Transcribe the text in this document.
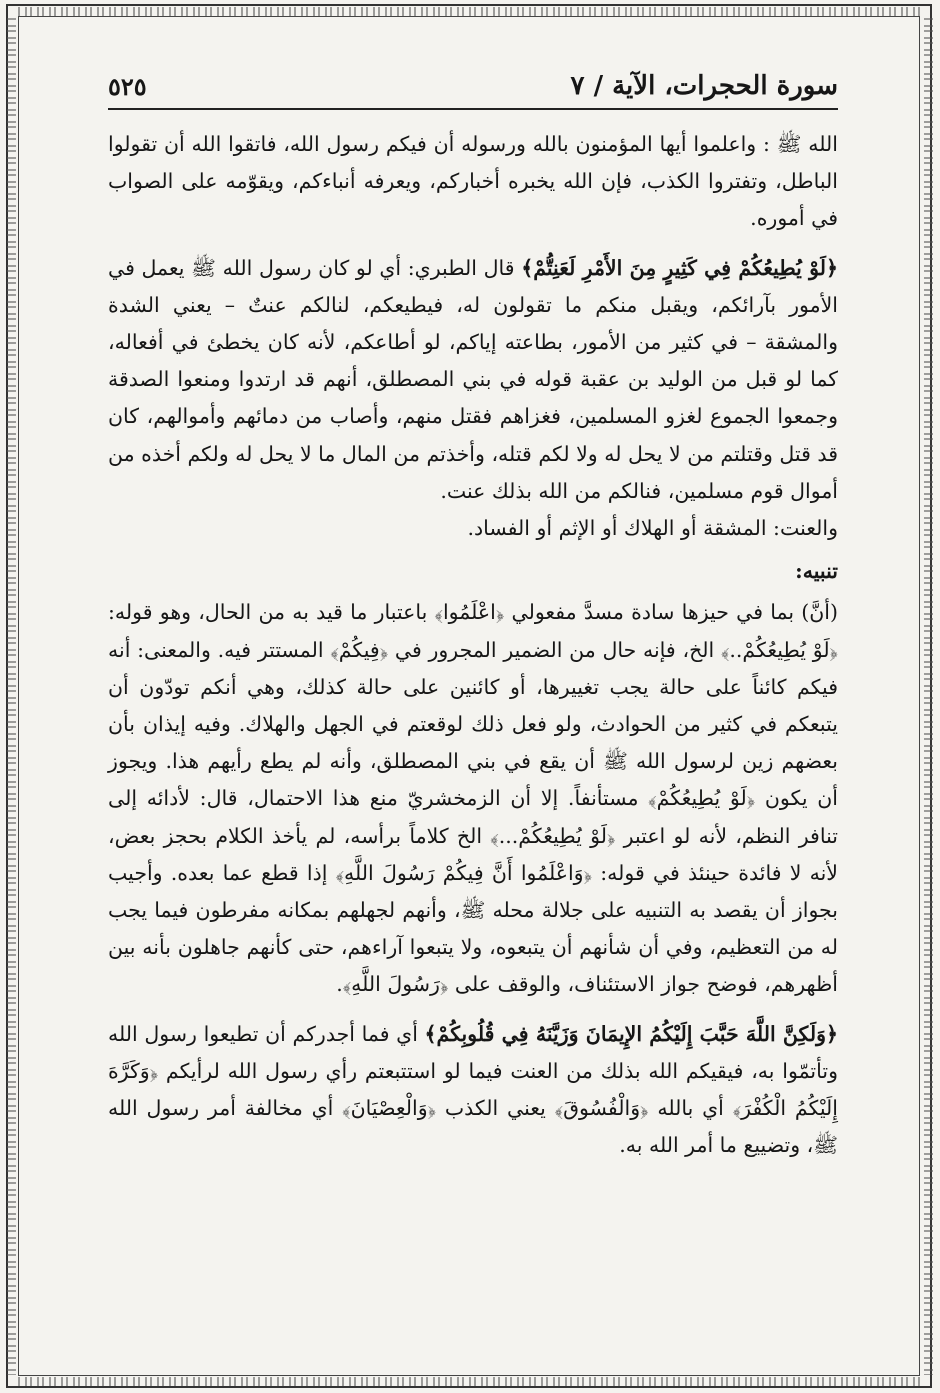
سورة الحجرات، الآية / ٧
٥٢٥

الله ﷺ : واعلموا أيها المؤمنون بالله ورسوله أن فيكم رسول الله، فاتقوا الله أن تقولوا الباطل، وتفتروا الكذب، فإن الله يخبره أخباركم، ويعرفه أنباءكم، ويقوّمه على الصواب في أموره.

﴿لَوْ يُطِيعُكُمْ فِي كَثِيرٍ مِنَ الأَمْرِ لَعَنِتُّمْ﴾ قال الطبري: أي لو كان رسول الله ﷺ يعمل في الأمور بآرائكم، ويقبل منكم ما تقولون له، فيطيعكم، لنالكم عنتٌ – يعني الشدة والمشقة – في كثير من الأمور، بطاعته إياكم، لو أطاعكم، لأنه كان يخطئ في أفعاله، كما لو قبل من الوليد بن عقبة قوله في بني المصطلق، أنهم قد ارتدوا ومنعوا الصدقة وجمعوا الجموع لغزو المسلمين، فغزاهم فقتل منهم، وأصاب من دمائهم وأموالهم، كان قد قتل وقتلتم من لا يحل له ولا لكم قتله، وأخذتم من المال ما لا يحل له ولكم أخذه من أموال قوم مسلمين، فنالكم من الله بذلك عنت.

والعنت: المشقة أو الهلاك أو الإثم أو الفساد.

تنبيه:

(أنَّ) بما في حيزها سادة مسدَّ مفعولي ﴿اعْلَمُوا﴾ باعتبار ما قيد به من الحال، وهو قوله: ﴿لَوْ يُطِيعُكُمْ..﴾ الخ، فإنه حال من الضمير المجرور في ﴿فِيكُمْ﴾ المستتر فيه. والمعنى: أنه فيكم كائناً على حالة يجب تغييرها، أو كائنين على حالة كذلك، وهي أنكم تودّون أن يتبعكم في كثير من الحوادث، ولو فعل ذلك لوقعتم في الجهل والهلاك. وفيه إيذان بأن بعضهم زين لرسول الله ﷺ أن يقع في بني المصطلق، وأنه لم يطع رأيهم هذا. ويجوز أن يكون ﴿لَوْ يُطِيعُكُمْ﴾ مستأنفاً. إلا أن الزمخشريّ منع هذا الاحتمال، قال: لأدائه إلى تنافر النظم، لأنه لو اعتبر ﴿لَوْ يُطِيعُكُمْ...﴾ الخ كلاماً برأسه، لم يأخذ الكلام بحجز بعض، لأنه لا فائدة حينئذ في قوله: ﴿وَاعْلَمُوا أَنَّ فِيكُمْ رَسُولَ اللَّهِ﴾ إذا قطع عما بعده. وأجيب بجواز أن يقصد به التنبيه على جلالة محله ﷺ، وأنهم لجهلهم بمكانه مفرطون فيما يجب له من التعظيم، وفي أن شأنهم أن يتبعوه، ولا يتبعوا آراءهم، حتى كأنهم جاهلون بأنه بين أظهرهم، فوضح جواز الاستئناف، والوقف على ﴿رَسُولَ اللَّهِ﴾.

﴿وَلَكِنَّ اللَّهَ حَبَّبَ إِلَيْكُمُ الإِيمَانَ وَزَيَّنَهُ فِي قُلُوبِكُمْ﴾ أي فما أجدركم أن تطيعوا رسول الله وتأتمّوا به، فيقيكم الله بذلك من العنت فيما لو استتبعتم رأي رسول الله لرأيكم ﴿وَكَرَّهَ إِلَيْكُمُ الْكُفْرَ﴾ أي بالله ﴿وَالْفُسُوقَ﴾ يعني الكذب ﴿وَالْعِصْيَانَ﴾ أي مخالفة أمر رسول الله ﷺ، وتضييع ما أمر الله به.
